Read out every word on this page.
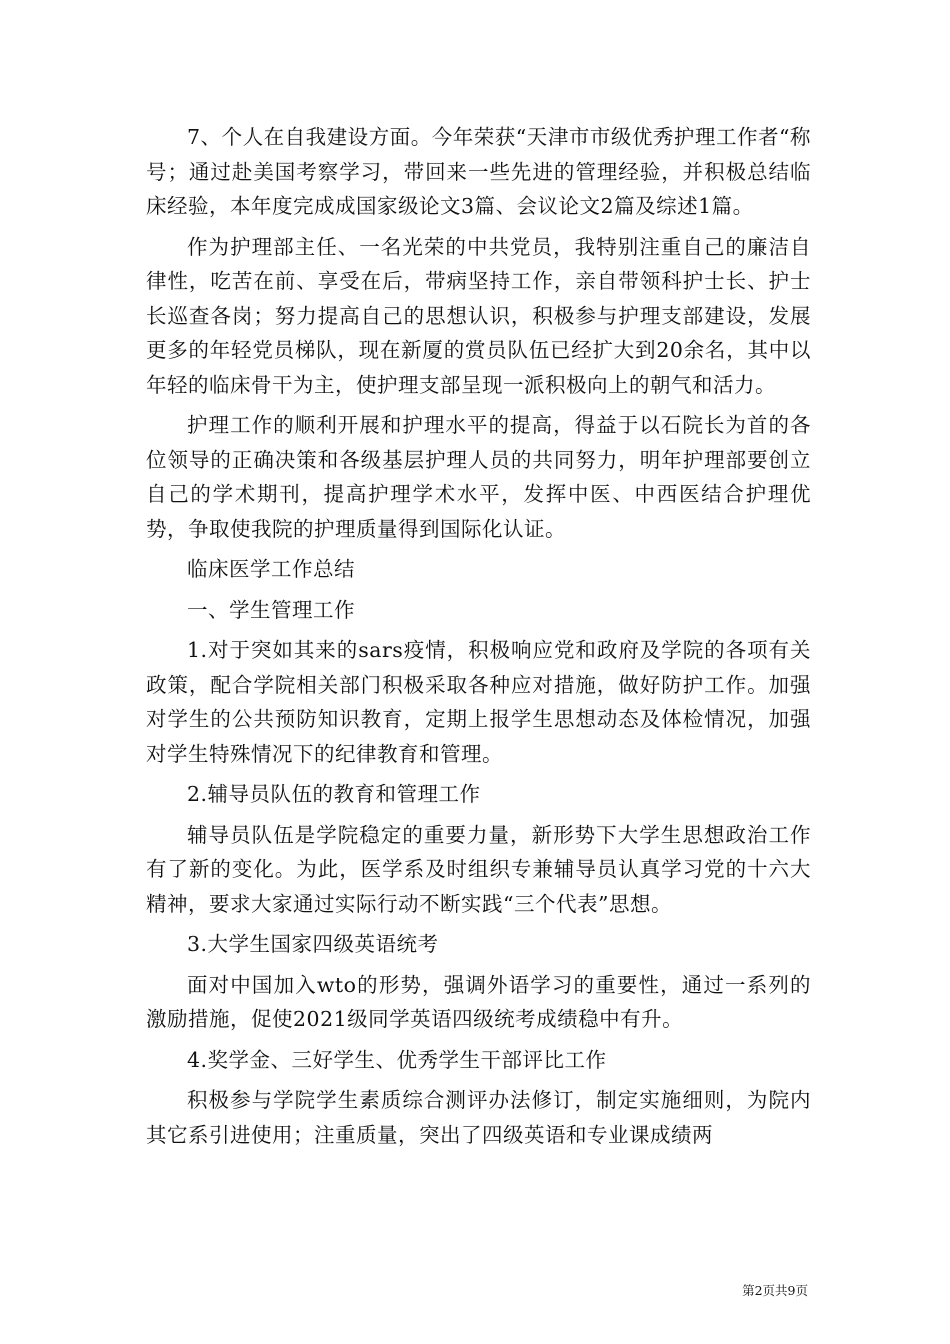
7、个人在自我建设方面。今年荣获“天津市市级优秀护理工作者“称号；通过赴美国考察学习，带回来一些先进的管理经验，并积极总结临床经验，本年度完成成国家级论文3篇、会议论文2篇及综述1篇。

作为护理部主任、一名光荣的中共党员，我特别注重自己的廉洁自律性，吃苦在前、享受在后，带病坚持工作，亲自带领科护士长、护士长巡查各岗；努力提高自己的思想认识，积极参与护理支部建设，发展更多的年轻党员梯队，现在新厦的赏员队伍已经扩大到20余名，其中以年轻的临床骨干为主，使护理支部呈现一派积极向上的朝气和活力。

护理工作的顺利开展和护理水平的提高，得益于以石院长为首的各位领导的正确决策和各级基层护理人员的共同努力，明年护理部要创立自己的学术期刊，提高护理学术水平，发挥中医、中西医结合护理优势，争取使我院的护理质量得到国际化认证。

临床医学工作总结

一、学生管理工作

1.对于突如其来的sars疫情，积极响应党和政府及学院的各项有关政策，配合学院相关部门积极采取各种应对措施，做好防护工作。加强对学生的公共预防知识教育，定期上报学生思想动态及体检情况，加强对学生特殊情况下的纪律教育和管理。

2.辅导员队伍的教育和管理工作

辅导员队伍是学院稳定的重要力量，新形势下大学生思想政治工作有了新的变化。为此，医学系及时组织专兼辅导员认真学习党的十六大精神，要求大家通过实际行动不断实践“三个代表”思想。

3.大学生国家四级英语统考

面对中国加入wto的形势，强调外语学习的重要性，通过一系列的激励措施，促使2021级同学英语四级统考成绩稳中有升。

4.奖学金、三好学生、优秀学生干部评比工作

积极参与学院学生素质综合测评办法修订，制定实施细则，为院内其它系引进使用；注重质量，突出了四级英语和专业课成绩两

第2页共9页
